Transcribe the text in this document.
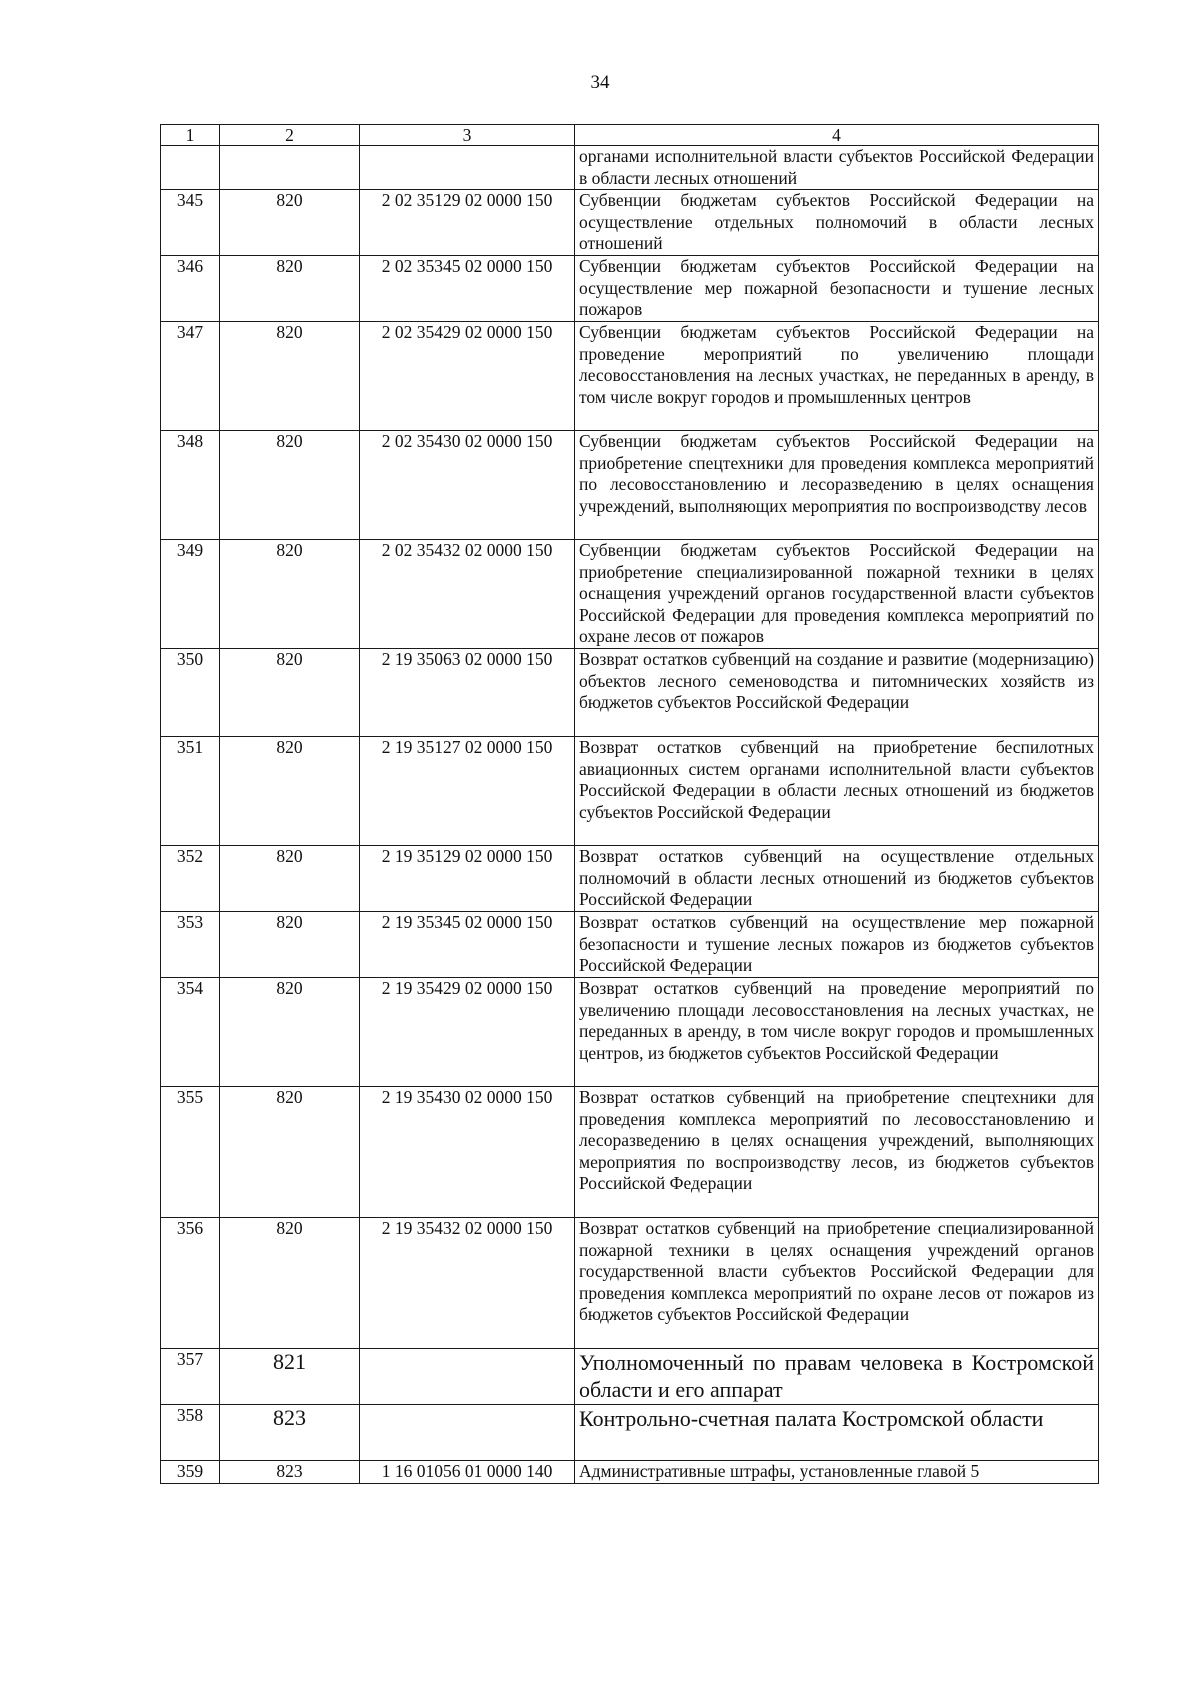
34
1	2	3	4
			органами исполнительной власти субъектов Российской Федерации в области лесных отношений
345	820	2 02 35129 02 0000 150	Субвенции бюджетам субъектов Российской Федерации на осуществление отдельных полномочий в области лесных отношений
346	820	2 02 35345 02 0000 150	Субвенции бюджетам субъектов Российской Федерации на осуществление мер пожарной безопасности и тушение лесных пожаров
347	820	2 02 35429 02 0000 150	Субвенции бюджетам субъектов Российской Федерации на проведение мероприятий по увеличению площади лесовосстановления на лесных участках, не переданных в аренду, в том числе вокруг городов и промышленных центров
348	820	2 02 35430 02 0000 150	Субвенции бюджетам субъектов Российской Федерации на приобретение спецтехники для проведения комплекса мероприятий по лесовосстановлению и лесоразведению в целях оснащения учреждений, выполняющих мероприятия по воспроизводству лесов
349	820	2 02 35432 02 0000 150	Субвенции бюджетам субъектов Российской Федерации на приобретение специализированной пожарной техники в целях оснащения учреждений органов государственной власти субъектов Российской Федерации для проведения комплекса мероприятий по охране лесов от пожаров
350	820	2 19 35063 02 0000 150	Возврат остатков субвенций на создание и развитие (модернизацию) объектов лесного семеноводства и питомнических хозяйств из бюджетов субъектов Российской Федерации
351	820	2 19 35127 02 0000 150	Возврат остатков субвенций на приобретение беспилотных авиационных систем органами исполнительной власти субъектов Российской Федерации в области лесных отношений из бюджетов субъектов Российской Федерации
352	820	2 19 35129 02 0000 150	Возврат остатков субвенций на осуществление отдельных полномочий в области лесных отношений из бюджетов субъектов Российской Федерации
353	820	2 19 35345 02 0000 150	Возврат остатков субвенций на осуществление мер пожарной безопасности и тушение лесных пожаров из бюджетов субъектов Российской Федерации
354	820	2 19 35429 02 0000 150	Возврат остатков субвенций на проведение мероприятий по увеличению площади лесовосстановления на лесных участках, не переданных в аренду, в том числе вокруг городов и промышленных центров, из бюджетов субъектов Российской Федерации
355	820	2 19 35430 02 0000 150	Возврат остатков субвенций на приобретение спецтехники для проведения комплекса мероприятий по лесовосстановлению и лесоразведению в целях оснащения учреждений, выполняющих мероприятия по воспроизводству лесов, из бюджетов субъектов Российской Федерации
356	820	2 19 35432 02 0000 150	Возврат остатков субвенций на приобретение специализированной пожарной техники в целях оснащения учреждений органов государственной власти субъектов Российской Федерации для проведения комплекса мероприятий по охране лесов от пожаров из бюджетов субъектов Российской Федерации
357	821		Уполномоченный по правам человека в Костромской области и его аппарат
358	823		Контрольно-счетная палата Костромской области
359	823	1 16 01056 01 0000 140	Административные штрафы, установленные главой 5
